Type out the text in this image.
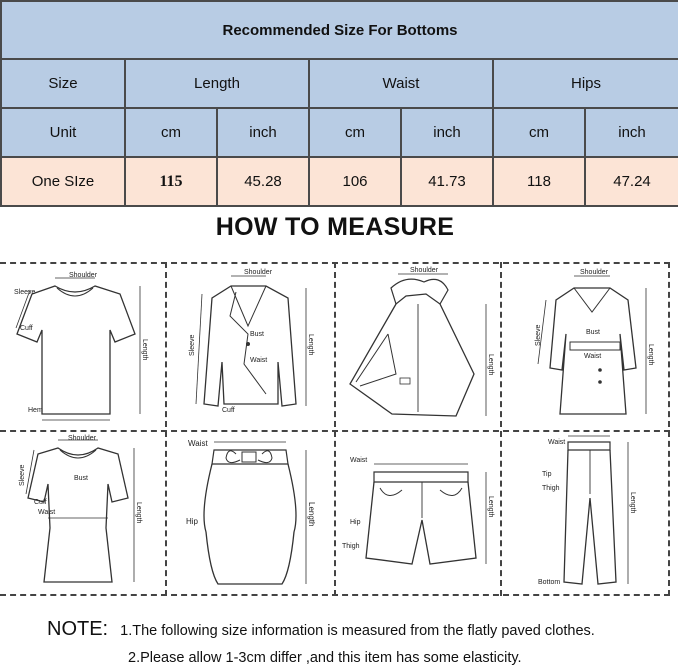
Recommended Size For Bottoms						
Size	Length		Waist		Hips	
Unit	cm	inch	cm	inch	cm	inch
One SIze	115	45.28	106	41.73	118	47.24
HOW TO MEASURE
Shoulder
Sleeve
Cuff
Hem
Length
Shoulder
Bust
Waist
Cuff
Sleeve	Length
Shoulder
Length
Shoulder
Bust
Waist
Sleeve
Length
Shoulder
Bust
Cuff
Waist
Sleeve
Length
Waist
Hip	Length
Waist
Hip
Thigh
Length
Waist
Tip
Thigh
Bottom
Length
NOTE: 1.The following size information is measured from the flatly paved clothes.
2.Please allow 1-3cm differ ,and this item has some elasticity.
